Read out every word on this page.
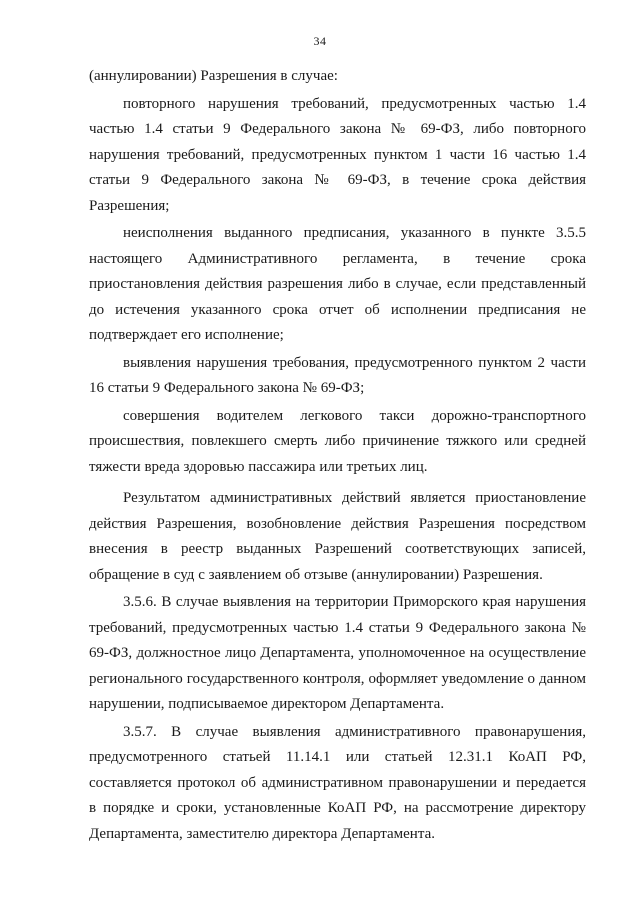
34

(аннулировании) Разрешения в случае:

повторного нарушения требований, предусмотренных частью 1.4 частью 1.4 статьи 9 Федерального закона № 69-ФЗ, либо повторного нарушения требований, предусмотренных пунктом 1 части 16 частью 1.4 статьи 9 Федерального закона № 69-ФЗ, в течение срока действия Разрешения;

неисполнения выданного предписания, указанного в пункте 3.5.5 настоящего Административного регламента, в течение срока приостановления действия разрешения либо в случае, если представленный до истечения указанного срока отчет об исполнении предписания не подтверждает его исполнение;

выявления нарушения требования, предусмотренного пунктом 2 части 16 статьи 9 Федерального закона № 69-ФЗ;

совершения водителем легкового такси дорожно-транспортного происшествия, повлекшего смерть либо причинение тяжкого или средней тяжести вреда здоровью пассажира или третьих лиц.

Результатом административных действий является приостановление действия Разрешения, возобновление действия Разрешения посредством внесения в реестр выданных Разрешений соответствующих записей, обращение в суд с заявлением об отзыве (аннулировании) Разрешения.

3.5.6. В случае выявления на территории Приморского края нарушения требований, предусмотренных частью 1.4 статьи 9 Федерального закона № 69-ФЗ, должностное лицо Департамента, уполномоченное на осуществление регионального государственного контроля, оформляет уведомление о данном нарушении, подписываемое директором Департамента.

3.5.7. В случае выявления административного правонарушения, предусмотренного статьей 11.14.1 или статьей 12.31.1 КоАП РФ, составляется протокол об административном правонарушении и передается в порядке и сроки, установленные КоАП РФ, на рассмотрение директору Департамента, заместителю директора Департамента.
